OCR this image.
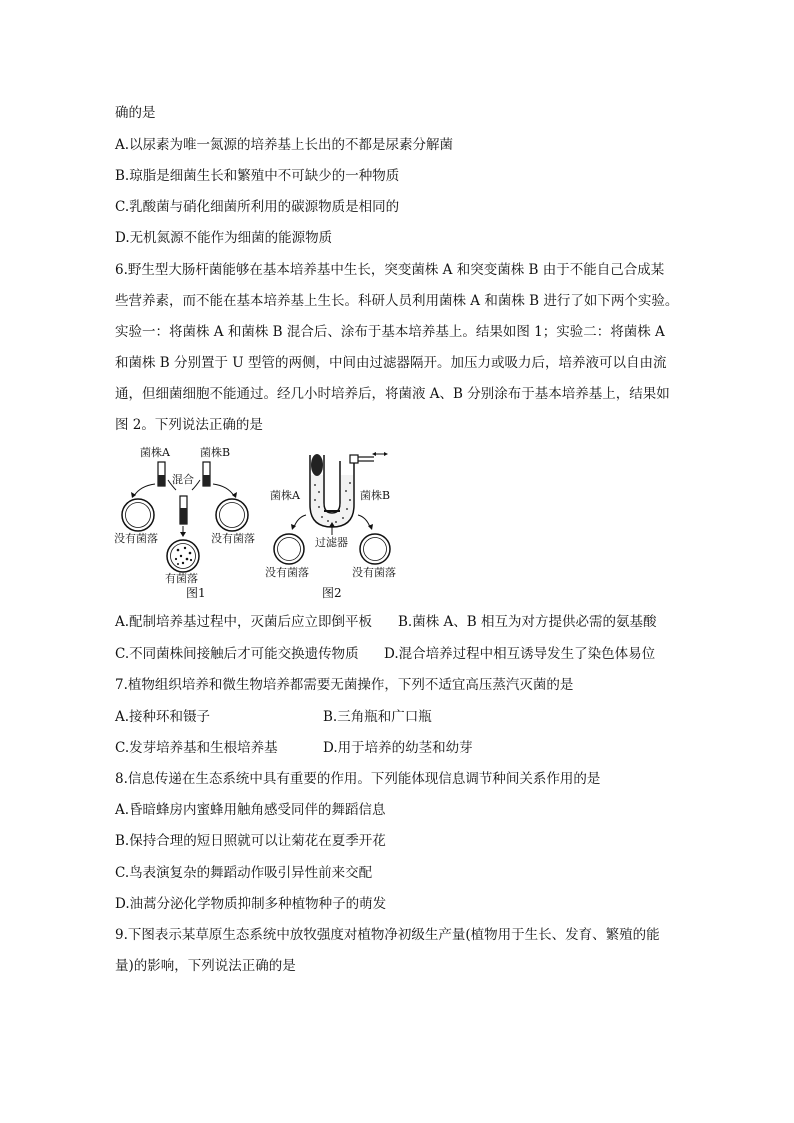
确的是
A.以尿素为唯一氮源的培养基上长出的不都是尿素分解菌
B.琼脂是细菌生长和繁殖中不可缺少的一种物质
C.乳酸菌与硝化细菌所利用的碳源物质是相同的
D.无机氮源不能作为细菌的能源物质
6.野生型大肠杆菌能够在基本培养基中生长，突变菌株 A 和突变菌株 B 由于不能自己合成某
些营养素，而不能在基本培养基上生长。科研人员利用菌株 A 和菌株 B 进行了如下两个实验。
实验一：将菌株 A 和菌株 B 混合后、涂布于基本培养基上。结果如图 1；实验二：将菌株 A
和菌株 B 分别置于 U 型管的两侧，中间由过滤器隔开。加压力或吸力后，培养液可以自由流
通，但细菌细胞不能通过。经几小时培养后，将菌液 A、B 分别涂布于基本培养基上，结果如
图 2。下列说法正确的是
菌株A	菌株B
混合
没有菌落	没有菌落
有菌落
图1
菌株A	菌株B
过滤器
没有菌落	没有菌落
图2
A.配制培养基过程中，灭菌后应立即倒平板 B.菌株 A、B 相互为对方提供必需的氨基酸
C.不同菌株间接触后才可能交换遗传物质 D.混合培养过程中相互诱导发生了染色体易位
7.植物组织培养和微生物培养都需要无菌操作，下列不适宜高压蒸汽灭菌的是
A.接种环和镊子	B.三角瓶和广口瓶
C.发芽培养基和生根培养基	D.用于培养的幼茎和幼芽
8.信息传递在生态系统中具有重要的作用。下列能体现信息调节种间关系作用的是
A.昏暗蜂房内蜜蜂用触角感受同伴的舞蹈信息
B.保持合理的短日照就可以让菊花在夏季开花
C.鸟表演复杂的舞蹈动作吸引异性前来交配
D.油蒿分泌化学物质抑制多种植物种子的萌发
9.下图表示某草原生态系统中放牧强度对植物净初级生产量(植物用于生长、发育、繁殖的能
量)的影响，下列说法正确的是
